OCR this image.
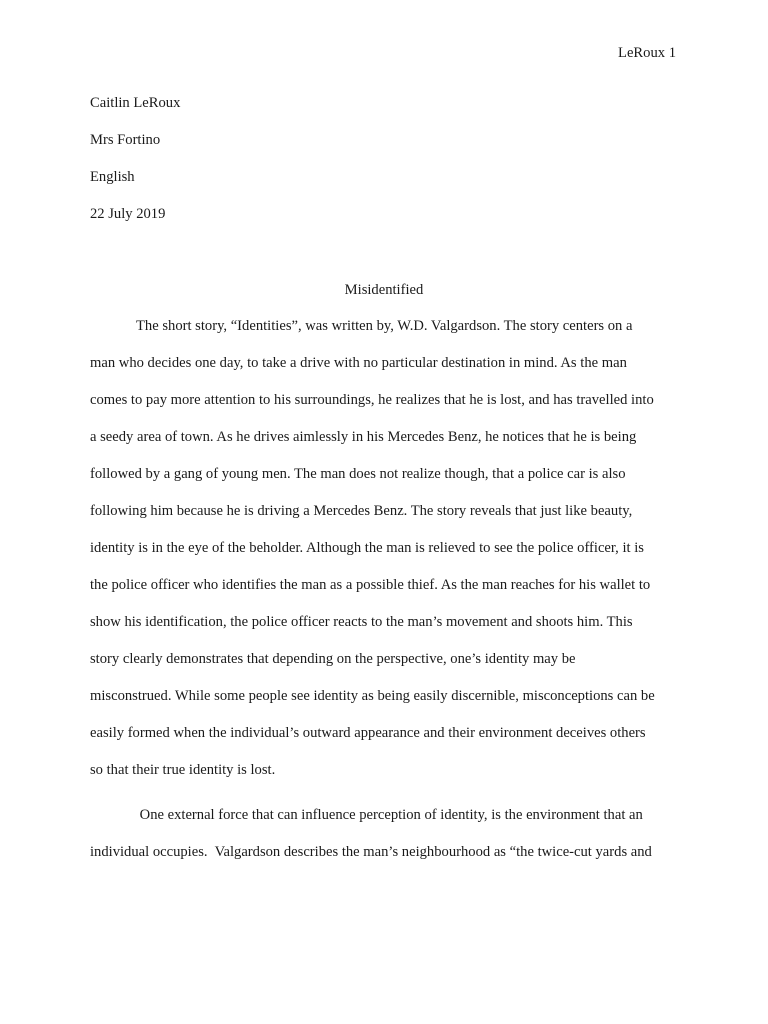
LeRoux 1
Caitlin LeRoux
Mrs Fortino
English
22 July 2019
Misidentified
The short story, “Identities”, was written by, W.D. Valgardson. The story centers on a
man who decides one day, to take a drive with no particular destination in mind. As the man
comes to pay more attention to his surroundings, he realizes that he is lost, and has travelled into
a seedy area of town. As he drives aimlessly in his Mercedes Benz, he notices that he is being
followed by a gang of young men. The man does not realize though, that a police car is also
following him because he is driving a Mercedes Benz. The story reveals that just like beauty,
identity is in the eye of the beholder. Although the man is relieved to see the police officer, it is
the police officer who identifies the man as a possible thief. As the man reaches for his wallet to
show his identification, the police officer reacts to the man’s movement and shoots him. This
story clearly demonstrates that depending on the perspective, one’s identity may be
misconstrued. While some people see identity as being easily discernible, misconceptions can be
easily formed when the individual’s outward appearance and their environment deceives others
so that their true identity is lost.
One external force that can influence perception of identity, is the environment that an
individual occupies.  Valgardson describes the man’s neighbourhood as “the twice-cut yards and
